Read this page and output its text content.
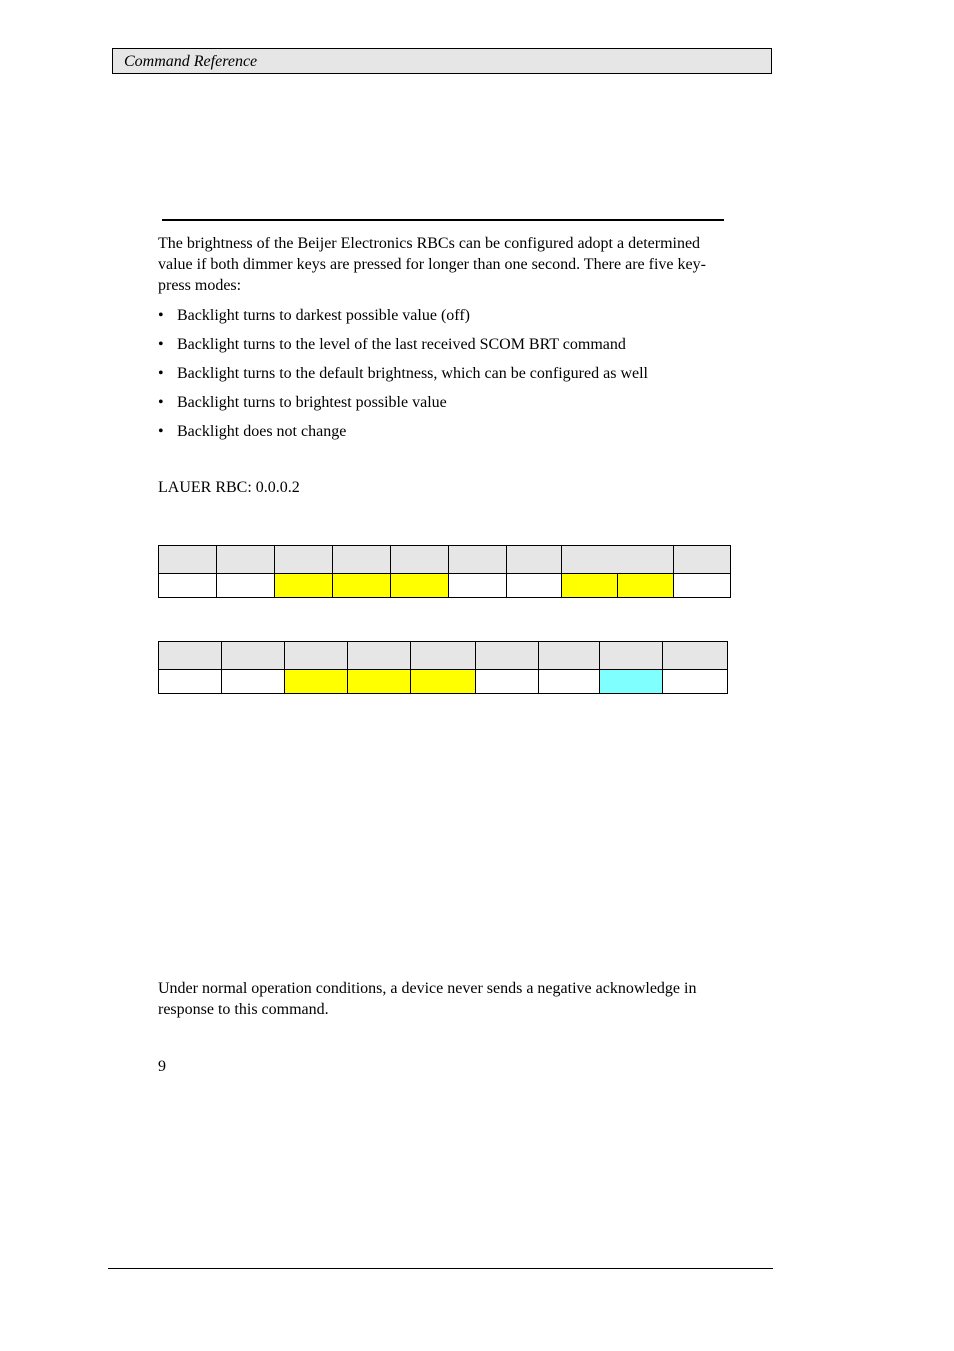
Command Reference
The brightness of the Beijer Electronics RBCs can be configured adopt a determined value if both dimmer keys are pressed for longer than one second. There are five key-press modes:
• Backlight turns to darkest possible value (off)
• Backlight turns to the level of the last received SCOM BRT command
• Backlight turns to the default brightness, which can be configured as well
• Backlight turns to brightest possible value
• Backlight does not change
LAUER RBC: 0.0.0.2

Under normal operation conditions, a device never sends a negative acknowledge in response to this command.
9
